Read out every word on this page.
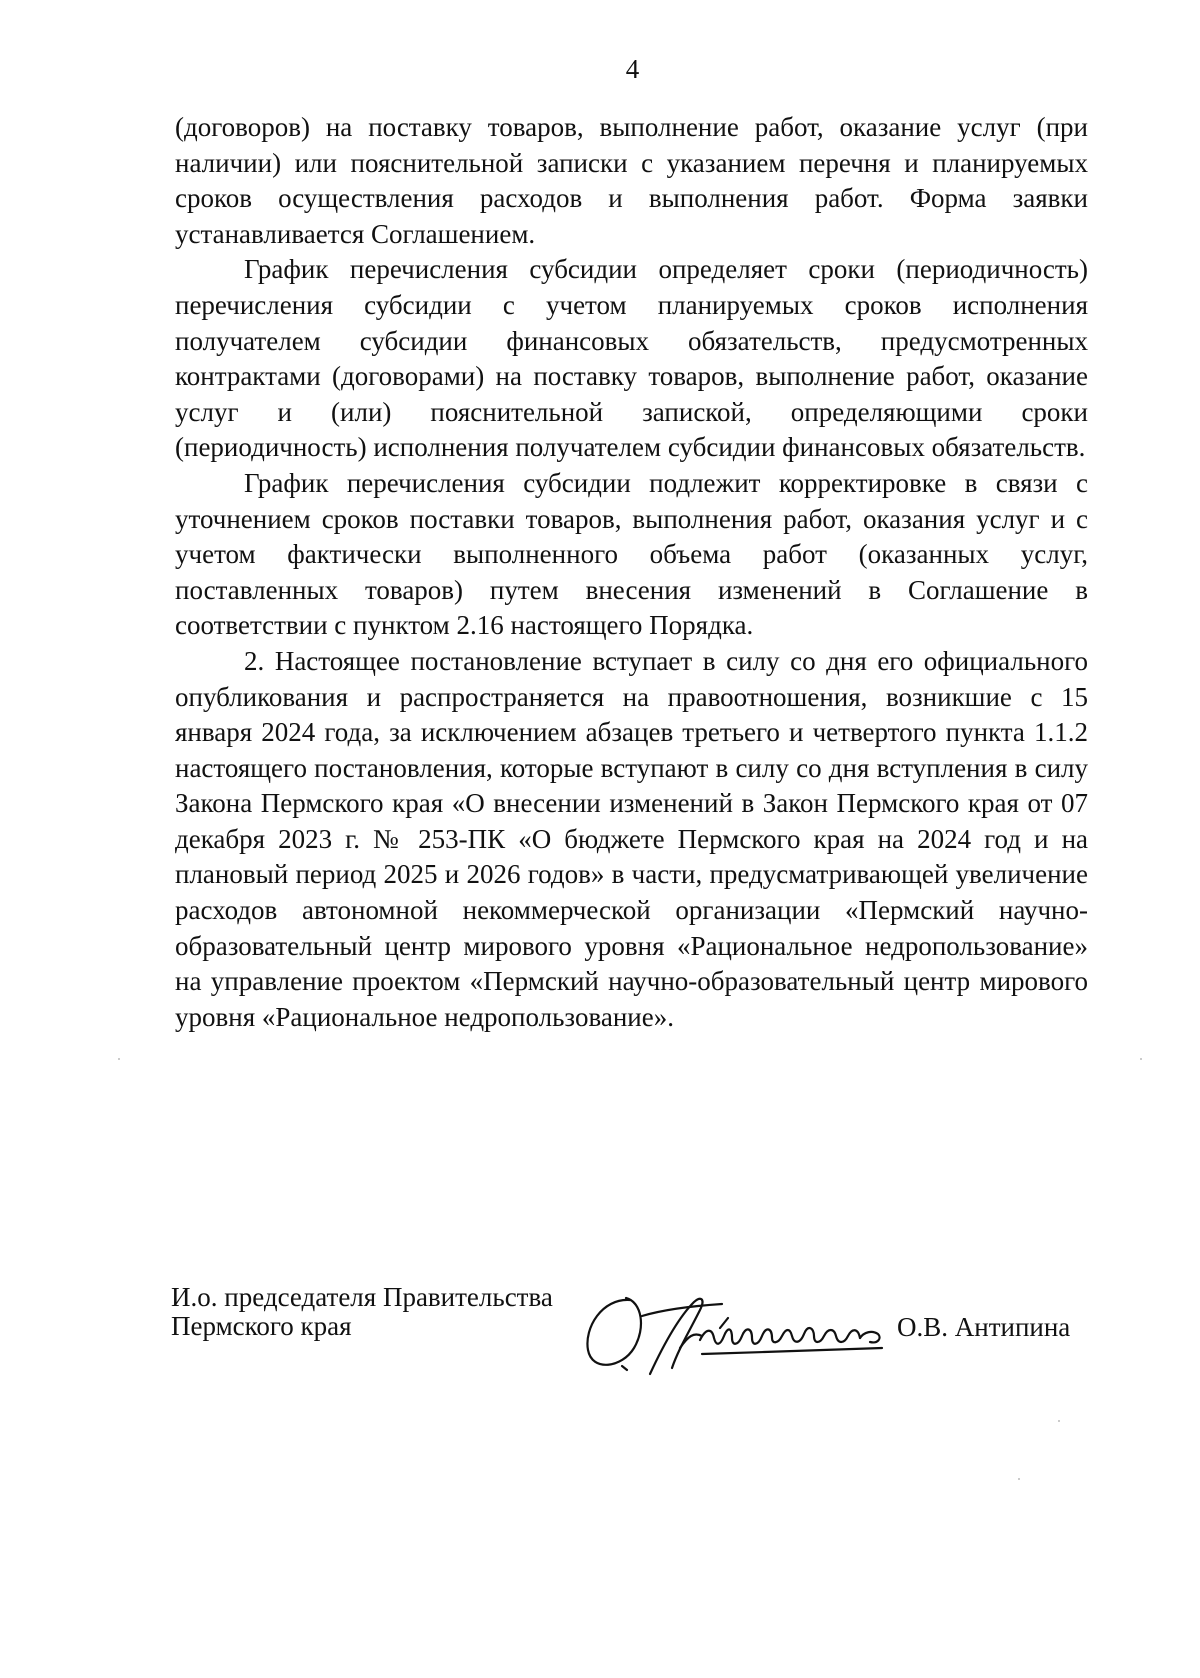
4

(договоров) на поставку товаров, выполнение работ, оказание услуг (при наличии) или пояснительной записки с указанием перечня и планируемых сроков осуществления расходов и выполнения работ. Форма заявки устанавливается Соглашением.

График перечисления субсидии определяет сроки (периодичность) перечисления субсидии с учетом планируемых сроков исполнения получателем субсидии финансовых обязательств, предусмотренных контрактами (договорами) на поставку товаров, выполнение работ, оказание услуг и (или) пояснительной запиской, определяющими сроки (периодичность) исполнения получателем субсидии финансовых обязательств.

График перечисления субсидии подлежит корректировке в связи с уточнением сроков поставки товаров, выполнения работ, оказания услуг и с учетом фактически выполненного объема работ (оказанных услуг, поставленных товаров) путем внесения изменений в Соглашение в соответствии с пунктом 2.16 настоящего Порядка.

2. Настоящее постановление вступает в силу со дня его официального опубликования и распространяется на правоотношения, возникшие с 15 января 2024 года, за исключением абзацев третьего и четвертого пункта 1.1.2 настоящего постановления, которые вступают в силу со дня вступления в силу Закона Пермского края «О внесении изменений в Закон Пермского края от 07 декабря 2023 г. № 253-ПК «О бюджете Пермского края на 2024 год и на плановый период 2025 и 2026 годов» в части, предусматривающей увеличение расходов автономной некоммерческой организации «Пермский научно-образовательный центр мирового уровня «Рациональное недропользование» на управление проектом «Пермский научно-образовательный центр мирового уровня «Рациональное недропользование».

И.о. председателя Правительства
Пермского края	О.В. Антипина
